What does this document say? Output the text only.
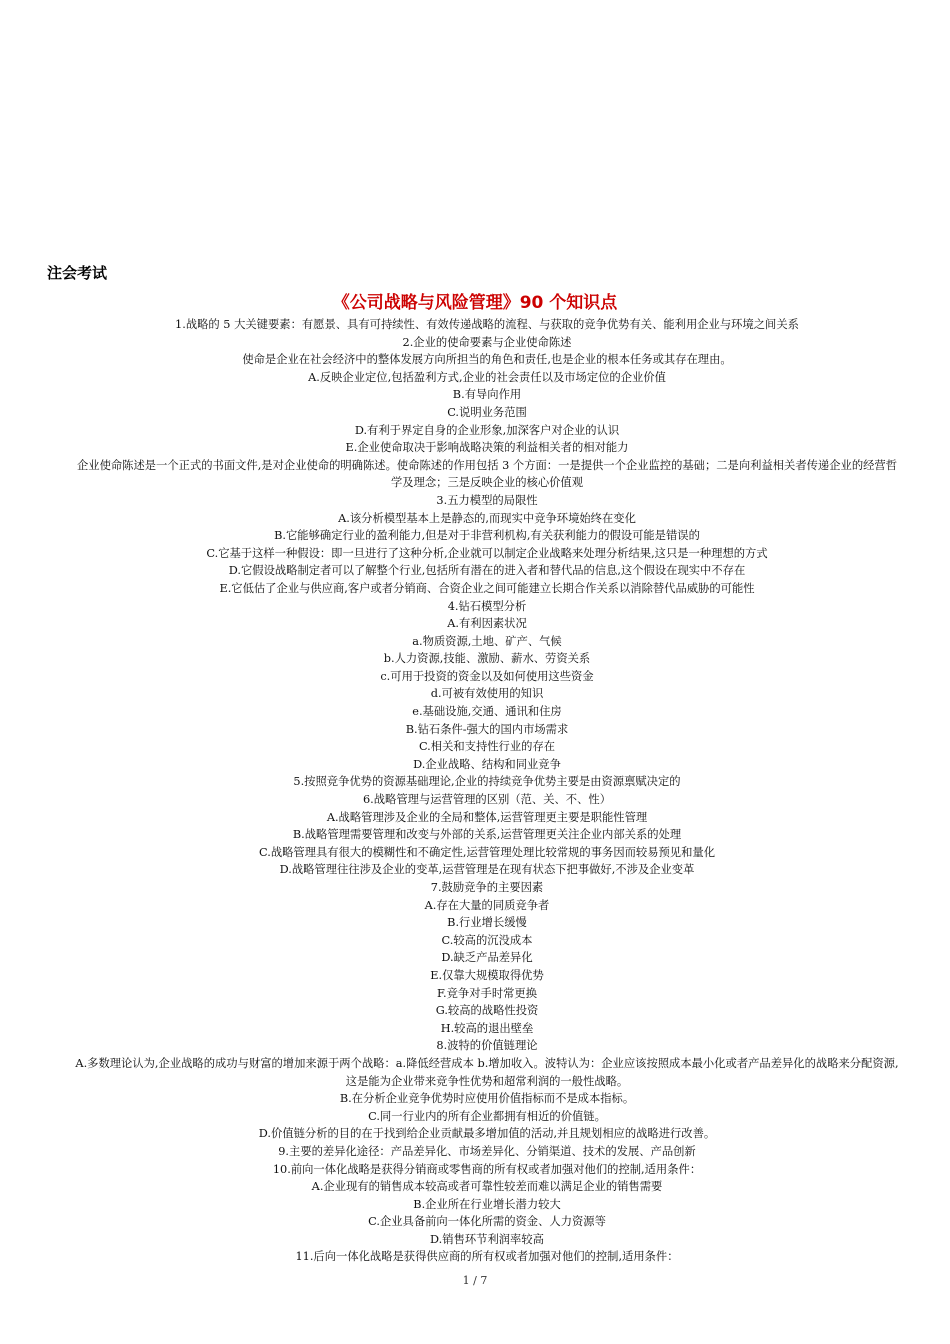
注会考试
《公司战略与风险管理》90 个知识点
1.战略的 5 大关键要素：有愿景、具有可持续性、有效传递战略的流程、与获取的竞争优势有关、能利用企业与环境之间关系
2.企业的使命要素与企业使命陈述
使命是企业在社会经济中的整体发展方向所担当的角色和责任,也是企业的根本任务或其存在理由。
A.反映企业定位,包括盈利方式,企业的社会责任以及市场定位的企业价值
B.有导向作用
C.说明业务范围
D.有利于界定自身的企业形象,加深客户对企业的认识
E.企业使命取决于影响战略决策的利益相关者的相对能力
企业使命陈述是一个正式的书面文件,是对企业使命的明确陈述。使命陈述的作用包括 3 个方面：一是提供一个企业监控的基础；二是向利益相关者传递企业的经营哲学及理念；三是反映企业的核心价值观
3.五力模型的局限性
A.该分析模型基本上是静态的,而现实中竞争环境始终在变化
B.它能够确定行业的盈利能力,但是对于非营利机构,有关获利能力的假设可能是错误的
C.它基于这样一种假设：即一旦进行了这种分析,企业就可以制定企业战略来处理分析结果,这只是一种理想的方式
D.它假设战略制定者可以了解整个行业,包括所有潜在的进入者和替代品的信息,这个假设在现实中不存在
E.它低估了企业与供应商,客户或者分销商、合资企业之间可能建立长期合作关系以消除替代品威胁的可能性
4.钻石模型分析
A.有利因素状况
a.物质资源,土地、矿产、气候
b.人力资源,技能、激励、薪水、劳资关系
c.可用于投资的资金以及如何使用这些资金
d.可被有效使用的知识
e.基础设施,交通、通讯和住房
B.钻石条件-强大的国内市场需求
C.相关和支持性行业的存在
D.企业战略、结构和同业竞争
5.按照竞争优势的资源基础理论,企业的持续竞争优势主要是由资源禀赋决定的
6.战略管理与运营管理的区别（范、关、不、性）
A.战略管理涉及企业的全局和整体,运营管理更主要是职能性管理
B.战略管理需要管理和改变与外部的关系,运营管理更关注企业内部关系的处理
C.战略管理具有很大的模糊性和不确定性,运营管理处理比较常规的事务因而较易预见和量化
D.战略管理往往涉及企业的变革,运营管理是在现有状态下把事做好,不涉及企业变革
7.鼓励竞争的主要因素
A.存在大量的同质竞争者
B.行业增长缓慢
C.较高的沉没成本
D.缺乏产品差异化
E.仅靠大规模取得优势
F.竞争对手时常更换
G.较高的战略性投资
H.较高的退出壁垒
8.波特的价值链理论
A.多数理论认为,企业战略的成功与财富的增加来源于两个战略：a.降低经营成本 b.增加收入。波特认为：企业应该按照成本最小化或者产品差异化的战略来分配资源,这是能为企业带来竞争性优势和超常利润的一般性战略。
B.在分析企业竞争优势时应使用价值指标而不是成本指标。
C.同一行业内的所有企业都拥有相近的价值链。
D.价值链分析的目的在于找到给企业贡献最多增加值的活动,并且规划相应的战略进行改善。
9.主要的差异化途径：产品差异化、市场差异化、分销渠道、技术的发展、产品创新
10.前向一体化战略是获得分销商或零售商的所有权或者加强对他们的控制,适用条件：
A.企业现有的销售成本较高或者可靠性较差而难以满足企业的销售需要
B.企业所在行业增长潜力较大
C.企业具备前向一体化所需的资金、人力资源等
D.销售环节利润率较高
11.后向一体化战略是获得供应商的所有权或者加强对他们的控制,适用条件：
1 / 7
